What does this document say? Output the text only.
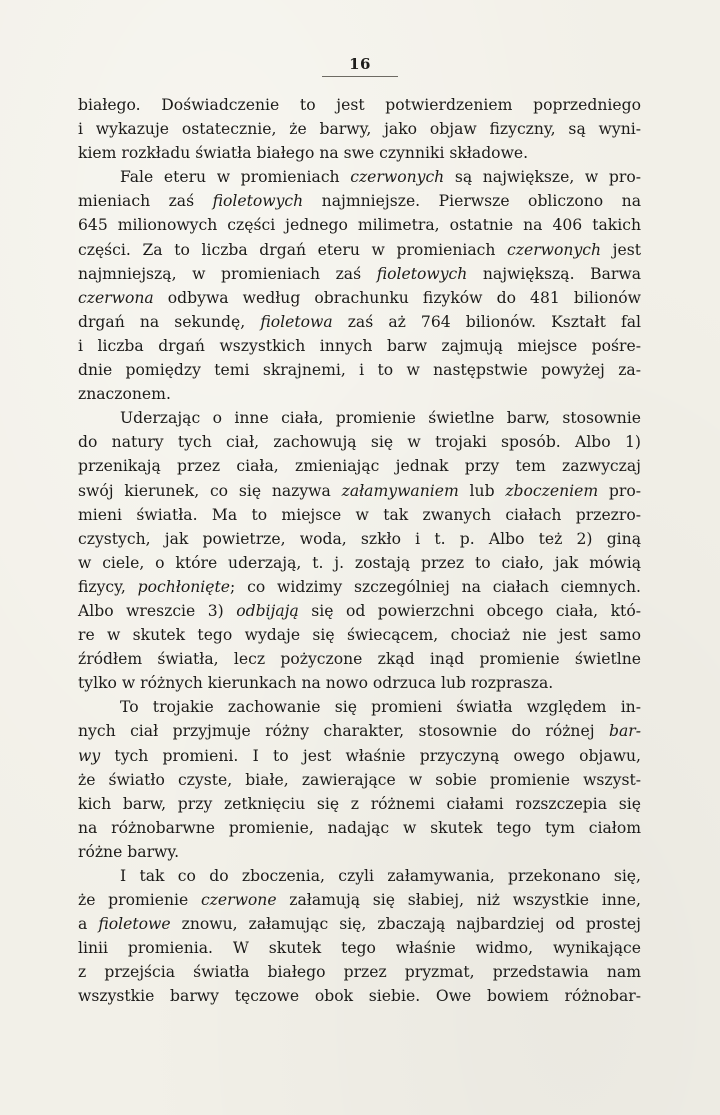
16
białego. Doświadczenie to jest potwierdzeniem poprzedniego
i wykazuje ostatecznie, że barwy, jako objaw fizyczny, są wyni-
kiem rozkładu światła białego na swe czynniki składowe.
Fale eteru w promieniach czerwonych są największe, w pro-
mieniach zaś fioletowych najmniejsze. Pierwsze obliczono na
645 milionowych części jednego milimetra, ostatnie na 406 takich
części. Za to liczba drgań eteru w promieniach czerwonych jest
najmniejszą, w promieniach zaś fioletowych największą. Barwa
czerwona odbywa według obrachunku fizyków do 481 bilionów
drgań na sekundę, fioletowa zaś aż 764 bilionów. Kształt fal
i liczba drgań wszystkich innych barw zajmują miejsce pośre-
dnie pomiędzy temi skrajnemi, i to w następstwie powyżej za-
znaczonem.
Uderzając o inne ciała, promienie świetlne barw, stosownie
do natury tych ciał, zachowują się w trojaki sposób. Albo 1)
przenikają przez ciała, zmieniając jednak przy tem zazwyczaj
swój kierunek, co się nazywa załamywaniem lub zboczeniem pro-
mieni światła. Ma to miejsce w tak zwanych ciałach przezro-
czystych, jak powietrze, woda, szkło i t. p. Albo też 2) giną
w ciele, o które uderzają, t. j. zostają przez to ciało, jak mówią
fizycy, pochłonięte; co widzimy szczególniej na ciałach ciemnych.
Albo wreszcie 3) odbijają się od powierzchni obcego ciała, któ-
re w skutek tego wydaje się świecącem, chociaż nie jest samo
źródłem światła, lecz pożyczone zkąd inąd promienie świetlne
tylko w różnych kierunkach na nowo odrzuca lub rozprasza.
To trojakie zachowanie się promieni światła względem in-
nych ciał przyjmuje różny charakter, stosownie do różnej bar-
wy tych promieni. I to jest właśnie przyczyną owego objawu,
że światło czyste, białe, zawierające w sobie promienie wszyst-
kich barw, przy zetknięciu się z różnemi ciałami rozszczepia się
na różnobarwne promienie, nadając w skutek tego tym ciałom
różne barwy.
I tak co do zboczenia, czyli załamywania, przekonano się,
że promienie czerwone załamują się słabiej, niż wszystkie inne,
a fioletowe znowu, załamując się, zbaczają najbardziej od prostej
linii promienia. W skutek tego właśnie widmo, wynikające
z przejścia światła białego przez pryzmat, przedstawia nam
wszystkie barwy tęczowe obok siebie. Owe bowiem różnobar-
